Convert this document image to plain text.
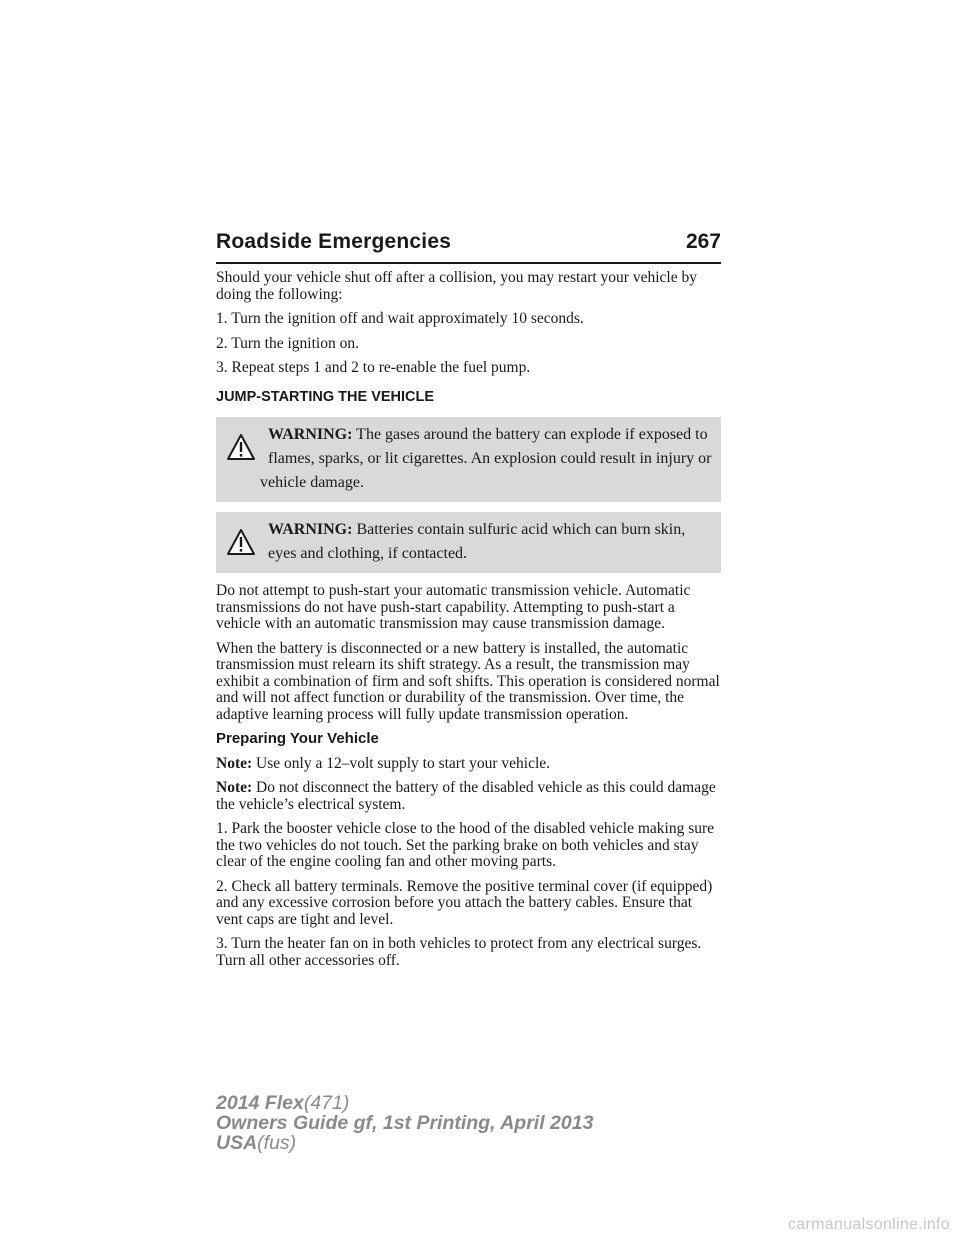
Roadside Emergencies	267

Should your vehicle shut off after a collision, you may restart your vehicle by doing the following:

1. Turn the ignition off and wait approximately 10 seconds.

2. Turn the ignition on.

3. Repeat steps 1 and 2 to re-enable the fuel pump.

JUMP-STARTING THE VEHICLE
WARNING: The gases around the battery can explode if exposed to flames, sparks, or lit cigarettes. An explosion could result in injury or vehicle damage.
WARNING: Batteries contain sulfuric acid which can burn skin, eyes and clothing, if contacted.

Do not attempt to push-start your automatic transmission vehicle. Automatic transmissions do not have push-start capability. Attempting to push-start a vehicle with an automatic transmission may cause transmission damage.

When the battery is disconnected or a new battery is installed, the automatic transmission must relearn its shift strategy. As a result, the transmission may exhibit a combination of firm and soft shifts. This operation is considered normal and will not affect function or durability of the transmission. Over time, the adaptive learning process will fully update transmission operation.

Preparing Your Vehicle

Note: Use only a 12–volt supply to start your vehicle.

Note: Do not disconnect the battery of the disabled vehicle as this could damage the vehicle’s electrical system.

1. Park the booster vehicle close to the hood of the disabled vehicle making sure the two vehicles do not touch. Set the parking brake on both vehicles and stay clear of the engine cooling fan and other moving parts.

2. Check all battery terminals. Remove the positive terminal cover (if equipped) and any excessive corrosion before you attach the battery cables. Ensure that vent caps are tight and level.

3. Turn the heater fan on in both vehicles to protect from any electrical surges. Turn all other accessories off.

2014 Flex(471)
Owners Guide gf, 1st Printing, April 2013
USA(fus)
carmanualsonline.info
